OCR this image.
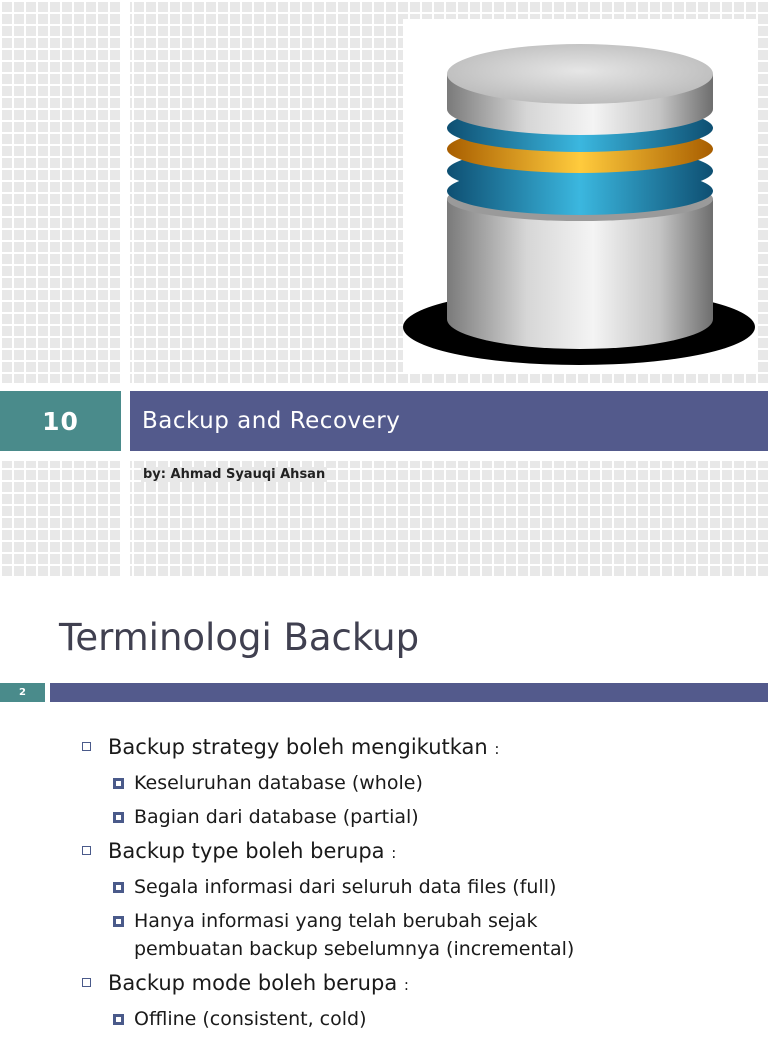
10	Backup and Recovery
by: Ahmad Syauqi Ahsan
Terminologi Backup
2
Backup strategy boleh mengikutkan :
Keseluruhan database (whole)
Bagian dari database (partial)
Backup type boleh berupa :
Segala informasi dari seluruh data files (full)
Hanya informasi yang telah berubah sejak
pembuatan backup sebelumnya (incremental)
Backup mode boleh berupa :
Offline (consistent, cold)
